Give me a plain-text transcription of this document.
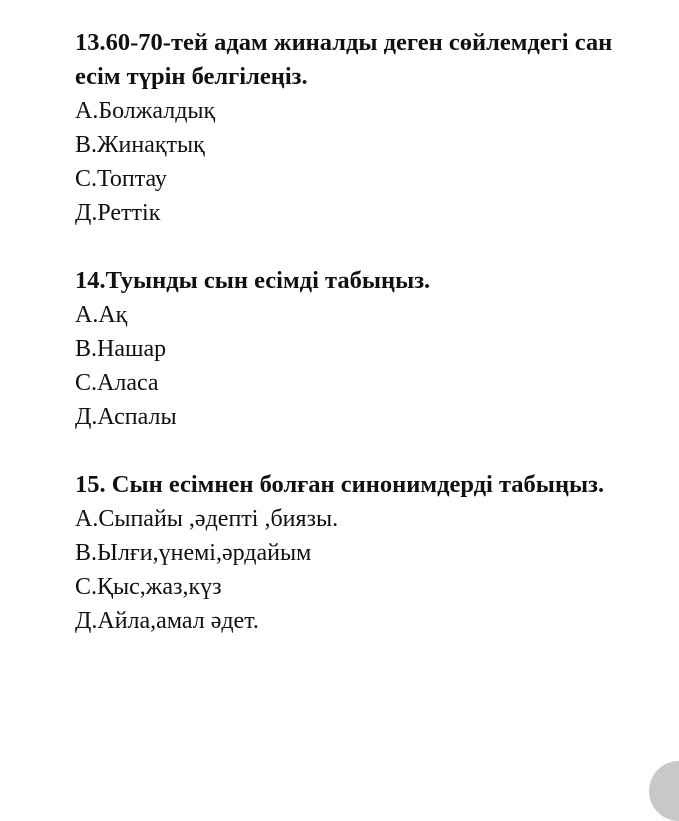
13.60-70-тей адам жиналды деген сөйлемдегі сан есім түрін белгілеңіз.

А.Болжалдық
В.Жинақтық
С.Топтау
Д.Реттік

14.Туынды сын есімді табыңыз.

А.Ақ
В.Нашар
С.Аласа
Д.Аспалы

15. Сын есімнен болған синонимдерді табыңыз.

А.Сыпайы ,әдепті ,биязы.
В.Ылғи,үнемі,әрдайым
С.Қыс,жаз,күз
Д.Айла,амал әдет.
